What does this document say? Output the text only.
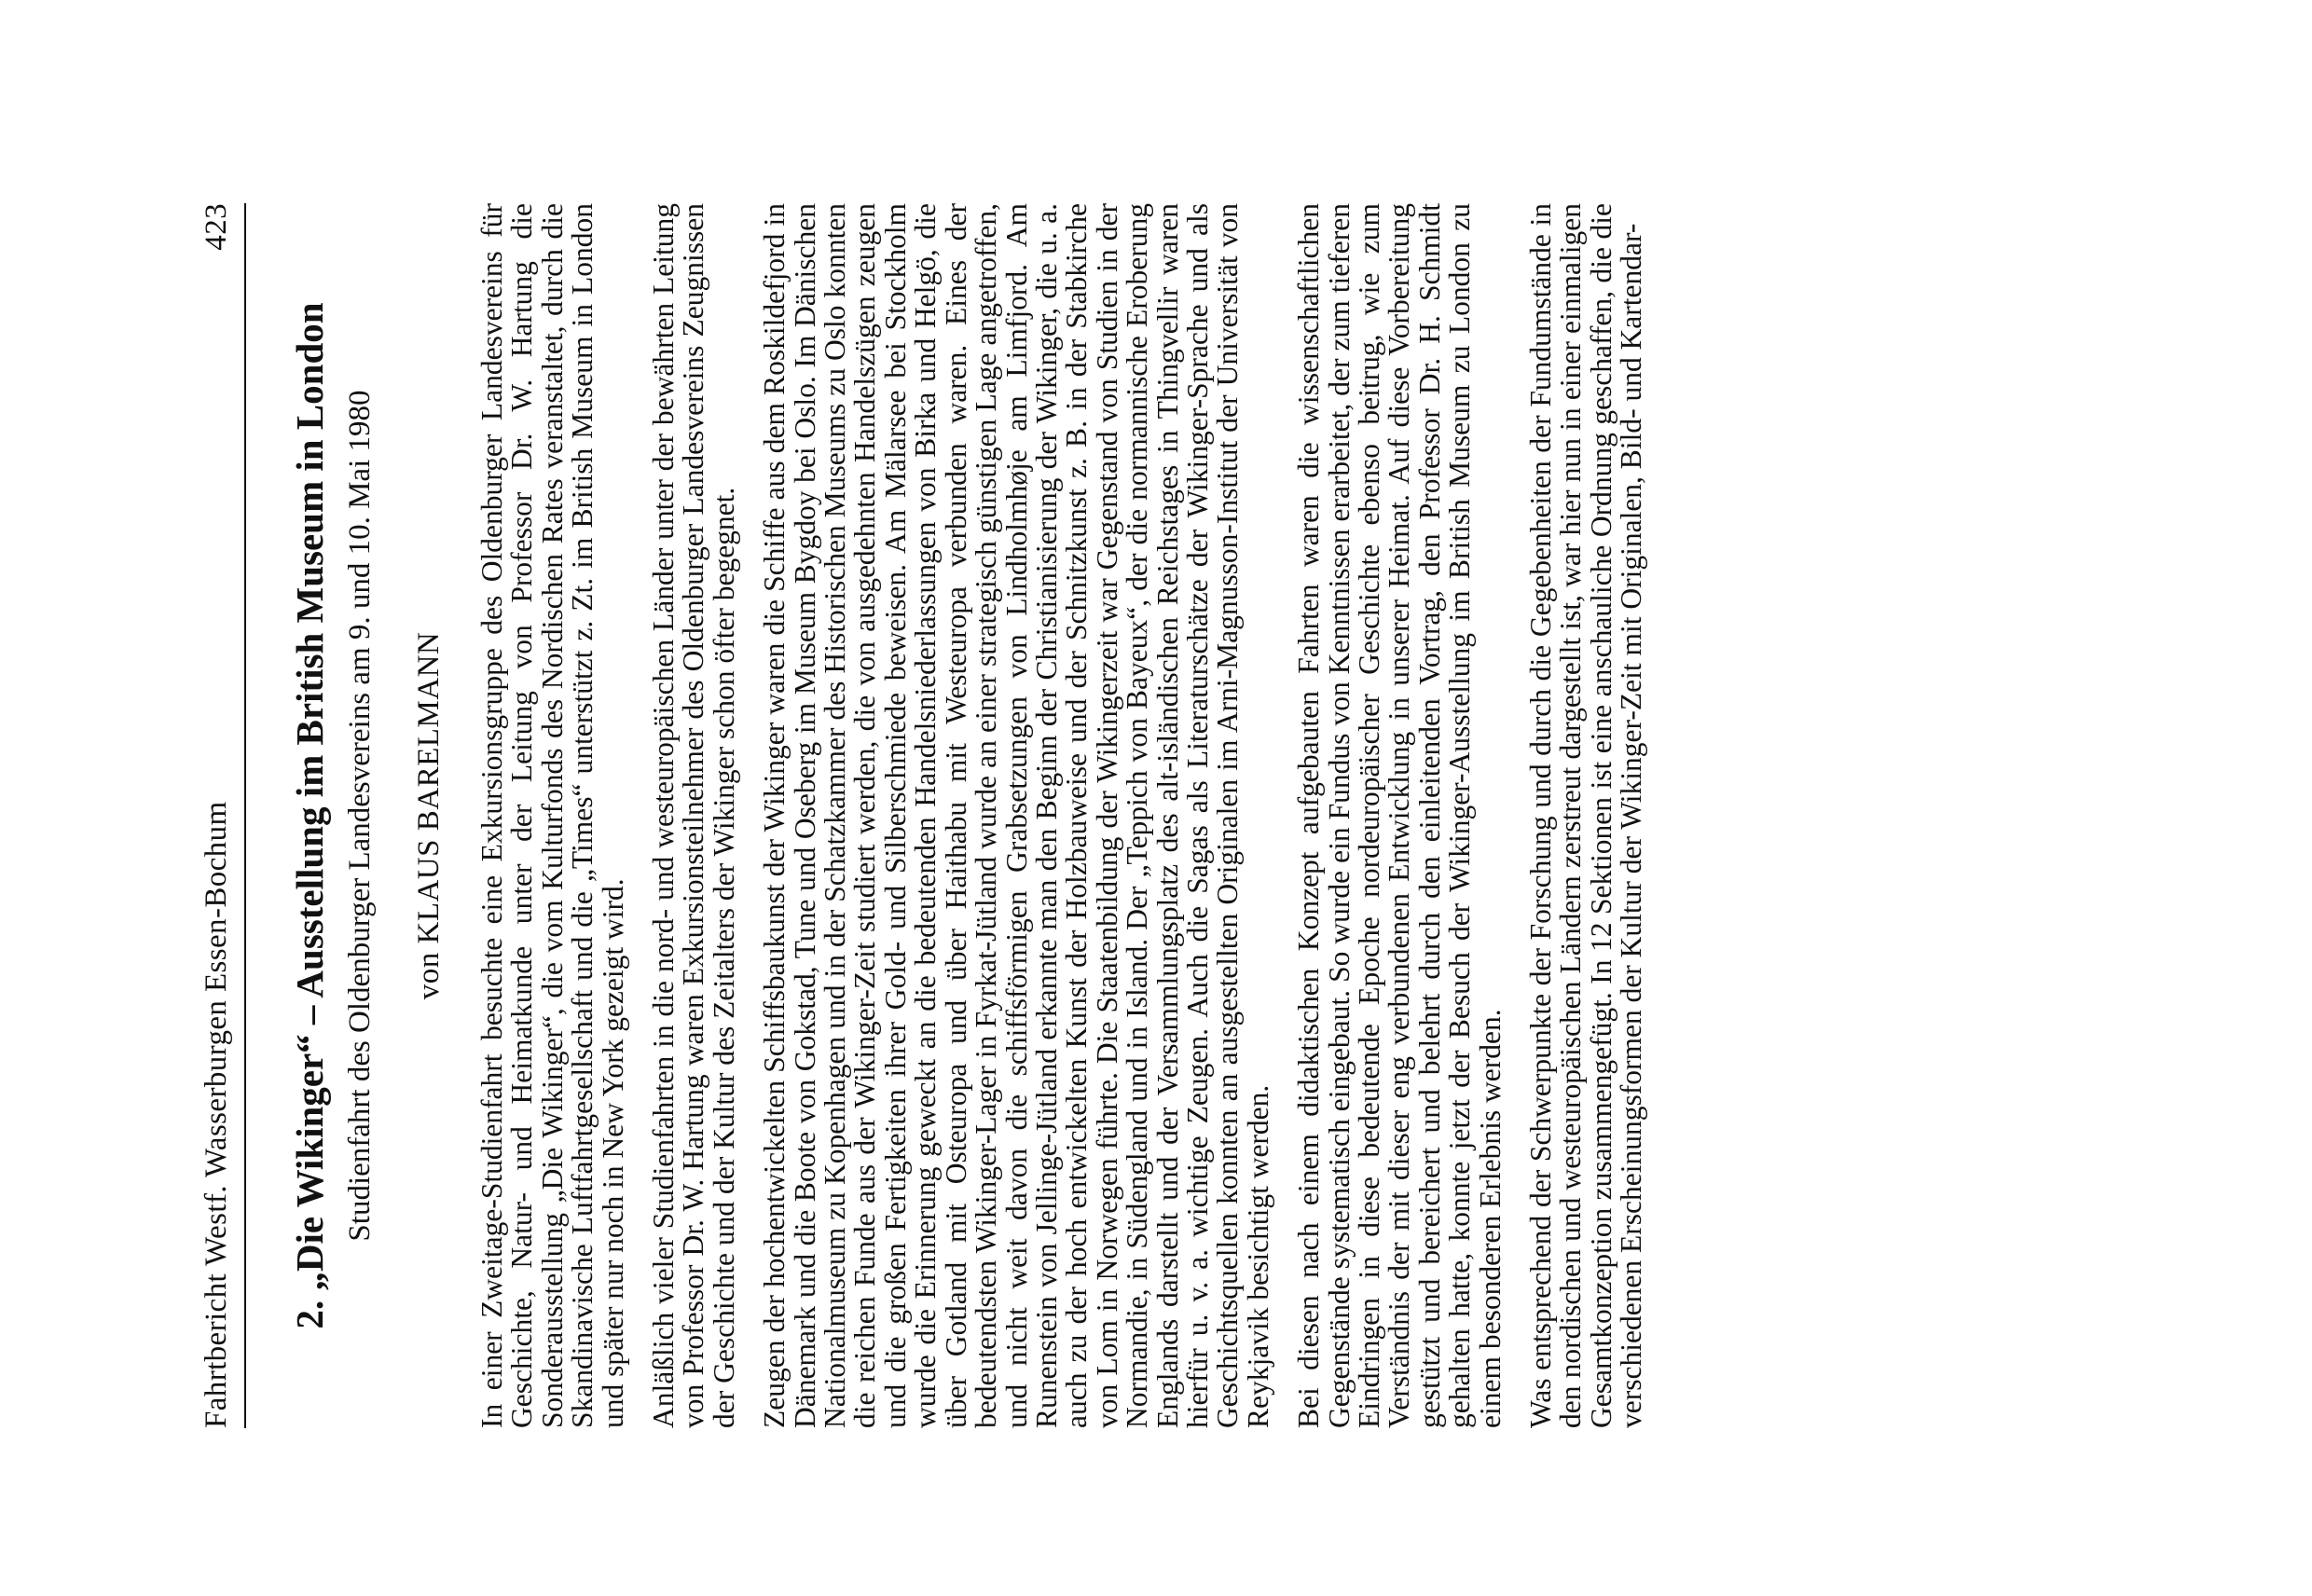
Fahrtbericht Westf. Wasserburgen Essen-Bochum
423
2. „Die Wikinger“ – Ausstellung im British Museum in London Studienfahrt des Oldenburger Landesvereins am 9. und 10. Mai 1980 von KLAUS BARELMANN In einer Zweitage-Studienfahrt besuchte eine Exkursionsgruppe des Oldenburger Landesvereins für Geschichte, Natur- und Heimatkunde unter der Leitung von Professor Dr. W. Hartung die Sonderausstellung „Die Wikinger“, die vom Kulturfonds des Nordischen Rates veranstaltet, durch die Skandinavische Luftfahrtgesellschaft und die „Times“ unterstützt z. Zt. im British Museum in London und später nur noch in New York gezeigt wird. Anläßlich vieler Studienfahrten in die nord- und westeuropäischen Länder unter der bewährten Leitung von Professor Dr. W. Hartung waren Exkursionsteilnehmer des Oldenburger Landesvereins Zeugnissen der Geschichte und der Kultur des Zeitalters der Wikinger schon öfter begegnet. Zeugen der hochentwickelten Schiffsbaukunst der Wikinger waren die Schiffe aus dem Roskildefjord in Dänemark und die Boote von Gokstad, Tune und Oseberg im Museum Bygdoy bei Oslo. Im Dänischen Nationalmuseum zu Kopenhagen und in der Schatzkammer des Historischen Museums zu Oslo konnten die reichen Funde aus der Wikinger-Zeit studiert werden, die von ausgedehnten Handelszügen zeugen und die großen Fertigkeiten ihrer Gold- und Silberschmiede beweisen. Am Mälarsee bei Stockholm wurde die Erinnerung geweckt an die bedeutenden Handelsniederlassungen von Birka und Helgö, die über Gotland mit Osteuropa und über Haithabu mit Westeuropa verbunden waren. Eines der bedeutendsten Wikinger-Lager in Fyrkat-Jütland wurde an einer strategisch günstigen Lage angetroffen, und nicht weit davon die schiffsförmigen Grabsetzungen von Lindholmhøje am Limfjord. Am Runenstein von Jellinge-Jütland erkannte man den Beginn der Christianisierung der Wikinger, die u. a. auch zu der hoch entwickelten Kunst der Holzbauweise und der Schnitzkunst z. B. in der Stabkirche von Lom in Norwegen führte. Die Staatenbildung der Wikingerzeit war Gegenstand von Studien in der Normandie, in Südengland und in Island. Der „Teppich von Bayeux“, der die normannische Eroberung Englands darstellt und der Versammlungsplatz des alt-isländischen Reichstages in Thingvellir waren hierfür u. v. a. wichtige Zeugen. Auch die Sagas als Literaturschätze der Wikinger-Sprache und als Geschichtsquellen konnten an ausgestellten Originalen im Arni-Magnusson-Institut der Universität von Reykjavik besichtigt werden. Bei diesen nach einem didaktischen Konzept aufgebauten Fahrten waren die wissenschaftlichen Gegenstände systematisch eingebaut. So wurde ein Fundus von Kenntnissen erarbeitet, der zum tieferen Eindringen in diese bedeutende Epoche nordeuropäischer Geschichte ebenso beitrug, wie zum Verständnis der mit dieser eng verbundenen Entwicklung in unserer Heimat. Auf diese Vorbereitung gestützt und bereichert und belehrt durch den einleitenden Vortrag, den Professor Dr. H. Schmidt gehalten hatte, konnte jetzt der Besuch der Wikinger-Ausstellung im British Museum zu London zu einem besonderen Erlebnis werden. Was entsprechend der Schwerpunkte der Forschung und durch die Gegebenheiten der Fundumstände in den nordischen und westeuropäischen Ländern zerstreut dargestellt ist, war hier nun in einer einmaligen Gesamtkonzeption zusammengefügt. In 12 Sektionen ist eine anschauliche Ordnung geschaffen, die die verschiedenen Erscheinungsformen der Kultur der Wikinger-Zeit mit Originalen, Bild- und Kartendar-
